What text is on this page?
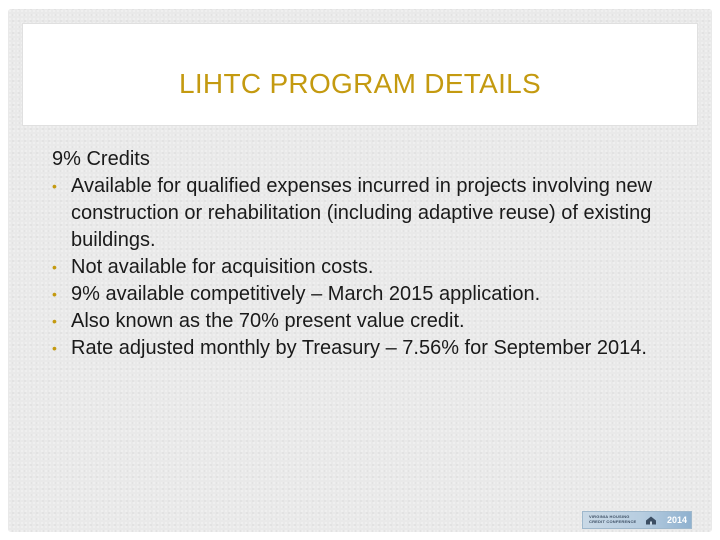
LIHTC PROGRAM DETAILS

9% Credits

• Available for qualified expenses incurred in projects involving new construction or rehabilitation (including adaptive reuse) of existing buildings.
• Not available for acquisition costs.
• 9% available competitively – March 2015 application.
• Also known as the 70% present value credit.
• Rate adjusted monthly by Treasury – 7.56% for September 2014.
VIRGINIA HOUSING
CREDIT CONFERENCE	2014
